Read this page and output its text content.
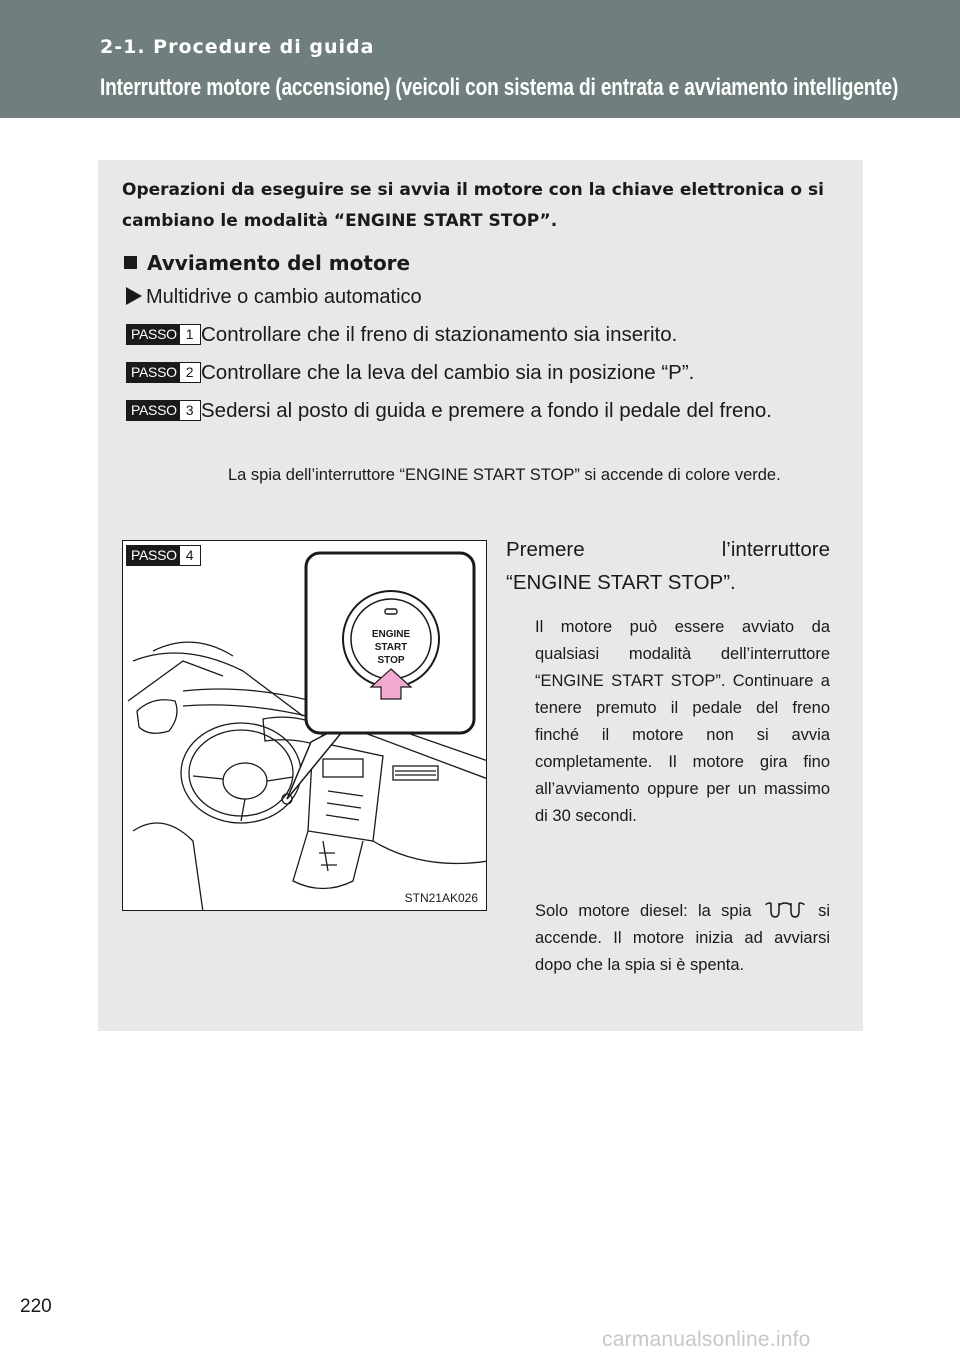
2-1. Procedure di guida
Interruttore motore (accensione) (veicoli con sistema di entrata e avviamento intelligente)
Operazioni da eseguire se si avvia il motore con la chiave elettronica o si cambiano le modalità “ENGINE START STOP”.
Avviamento del motore
Multidrive o cambio automatico
PASSO 1 Controllare che il freno di stazionamento sia inserito.
PASSO 2 Controllare che la leva del cambio sia in posizione “P”.
PASSO 3 Sedersi al posto di guida e premere a fondo il pedale del freno.
La spia dell’interruttore “ENGINE START STOP” si accende di colore verde.
ENGINE
START
STOP
STN21AK026
PASSO 4	Premere l’interruttore
“ENGINE START STOP”.
Il motore può essere avviato da qualsiasi modalità dell’interruttore “ENGINE START STOP”. Continuare a tenere premuto il pedale del freno finché il motore non si avvia completamente. Il motore gira fino all’avviamento oppure per un massimo di 30 secondi.
Solo motore diesel: la spia	si accende. Il motore inizia ad avviarsi dopo che la spia si è spenta.
220
carmanualsonline.info
